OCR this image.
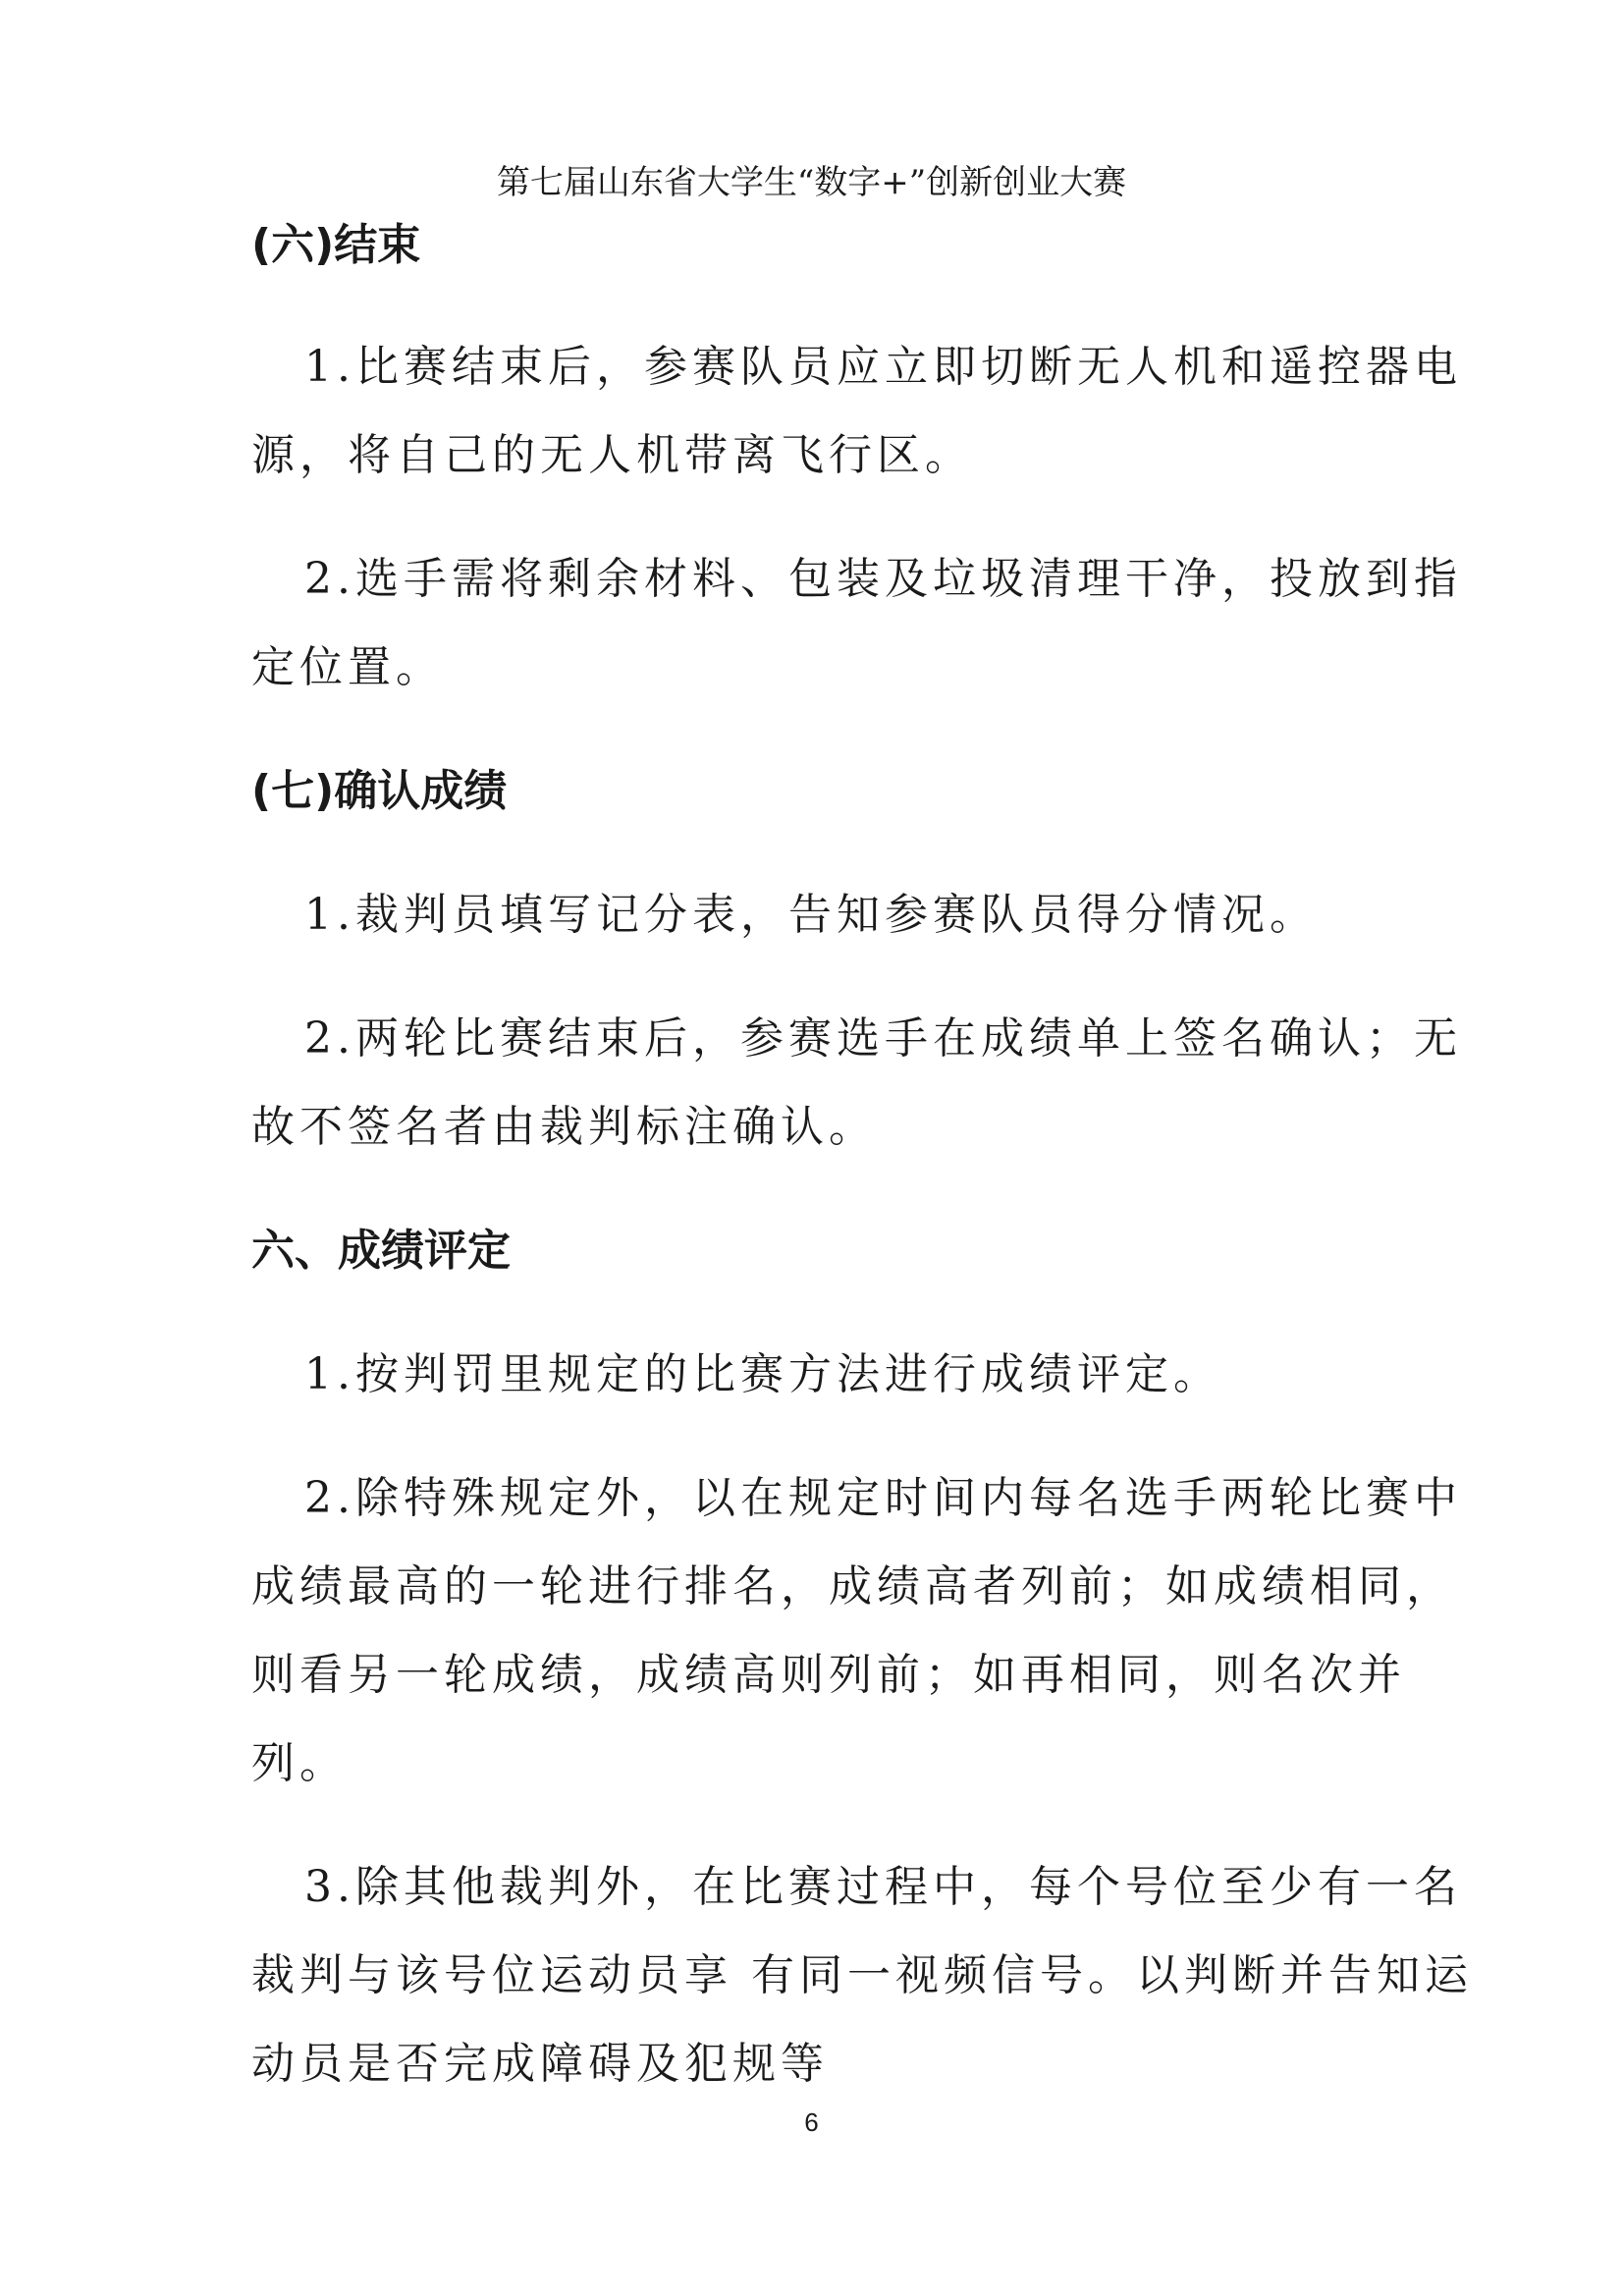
第七届山东省大学生“数字+”创新创业大赛
(六)结束
1.比赛结束后，参赛队员应立即切断无人机和遥控器电
源，将自己的无人机带离飞行区。
2.选手需将剩余材料、包装及垃圾清理干净，投放到指
定位置。
(七)确认成绩
1.裁判员填写记分表，告知参赛队员得分情况。
2.两轮比赛结束后，参赛选手在成绩单上签名确认；无
故不签名者由裁判标注确认。
六、成绩评定
1.按判罚里规定的比赛方法进行成绩评定。
2.除特殊规定外，以在规定时间内每名选手两轮比赛中
成绩最高的一轮进行排名，成绩高者列前；如成绩相同，
则看另一轮成绩，成绩高则列前；如再相同，则名次并
列。
3.除其他裁判外，在比赛过程中，每个号位至少有一名
裁判与该号位运动员享 有同一视频信号。以判断并告知运
动员是否完成障碍及犯规等
6
